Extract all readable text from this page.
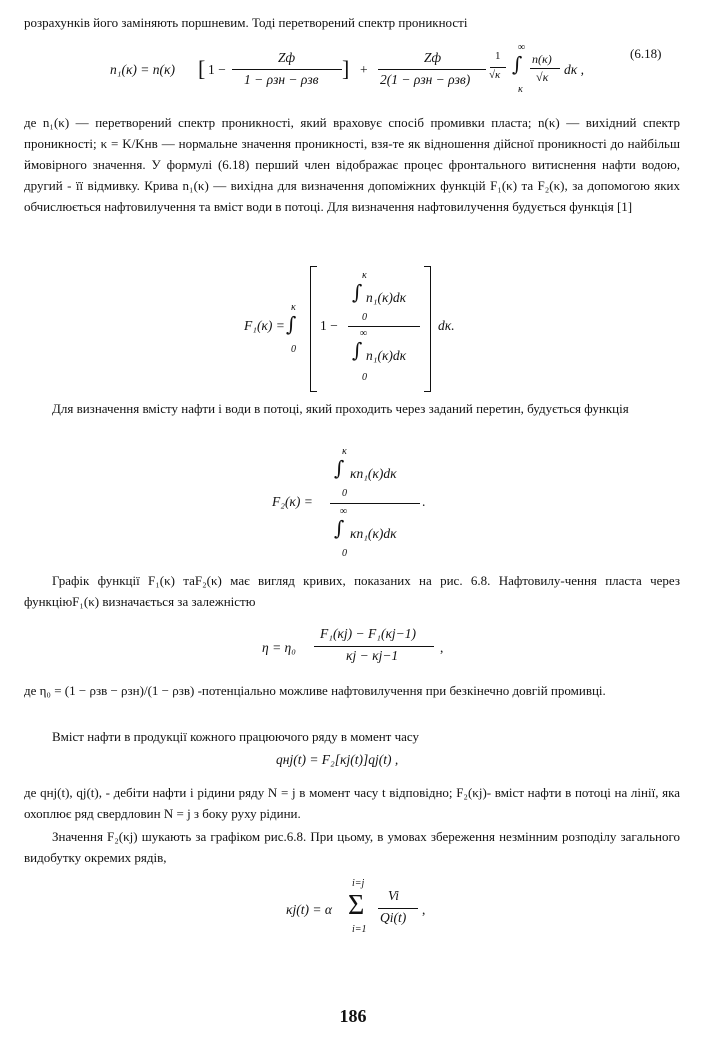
розрахунків його заміняють поршневим. Тоді перетворений спектр проникності

(6.18)
n₁(κ) = n(κ) [ 1 −
Zф
1 − ρзн − ρзв ] +
Zф
2(1 − ρзн − ρзв)
1
√κ
∞
∫
κ
n(κ)
√κ dκ ,

де n₁(κ) — перетворений спектр проникності, який враховує спосіб промивки пласта; n(κ) — вихідний спектр проникності; κ = K/Kнв — нормальне значення проникності, взя-те як відношення дійсної проникності до найбільш ймовірного значення. У формулі (6.18) перший член відображає процес фронтального витиснення нафти водою, другий - її відмивку. Крива n₁(κ) — вихідна для визначення допоміжних функцій F₁(κ) та F₂(κ), за допомогою яких обчислюється нафтовилучення та вміст води в потоці. Для визначення нафтовилучення будується функція [1]

F₁(κ) =
κ
∫
0
1 −
κ
∫ n₁(κ)dκ
0
∞
∫ n₁(κ)dκ
0
dκ.

Для визначення вмісту нафти і води в потоці, який проходить через заданий перетин, будується функція

κ
∫ κn₁(κ)dκ
0
F₂(κ) =	.
∞
∫ κn₁(κ)dκ
0

Графік функції F₁(κ) таF₂(κ) має вигляд кривих, показаних на рис. 6.8. Нафтовилу-чення пласта через функціюF₁(κ) визначається за залежністю

η = η₀
F₁(κj) − F₁(κj−1)
κj − κj−1
,

де η₀ = (1 − ρзв − ρзн)/(1 − ρзв) -потенціально можливе нафтовилучення при безкінечно довгій промивці.

Вміст нафти в продукції кожного працюючого ряду в момент часу

qнj(t) = F₂[κj(t)]qj(t) ,

де qнj(t), qj(t), - дебіти нафти і рідини ряду N = j в момент часу t відповідно; F₂(κj)- вміст нафти в потоці на лінії, яка охоплює ряд свердловин N = j з боку руху рідини.

Значення F₂(κj) шукають за графіком рис.6.8. При цьому, в умовах збереження незмінним розподілу загального видобутку окремих рядів,

κj(t) = α
i=j
Σ
i=1
Vi
Qi(t)
,
186
